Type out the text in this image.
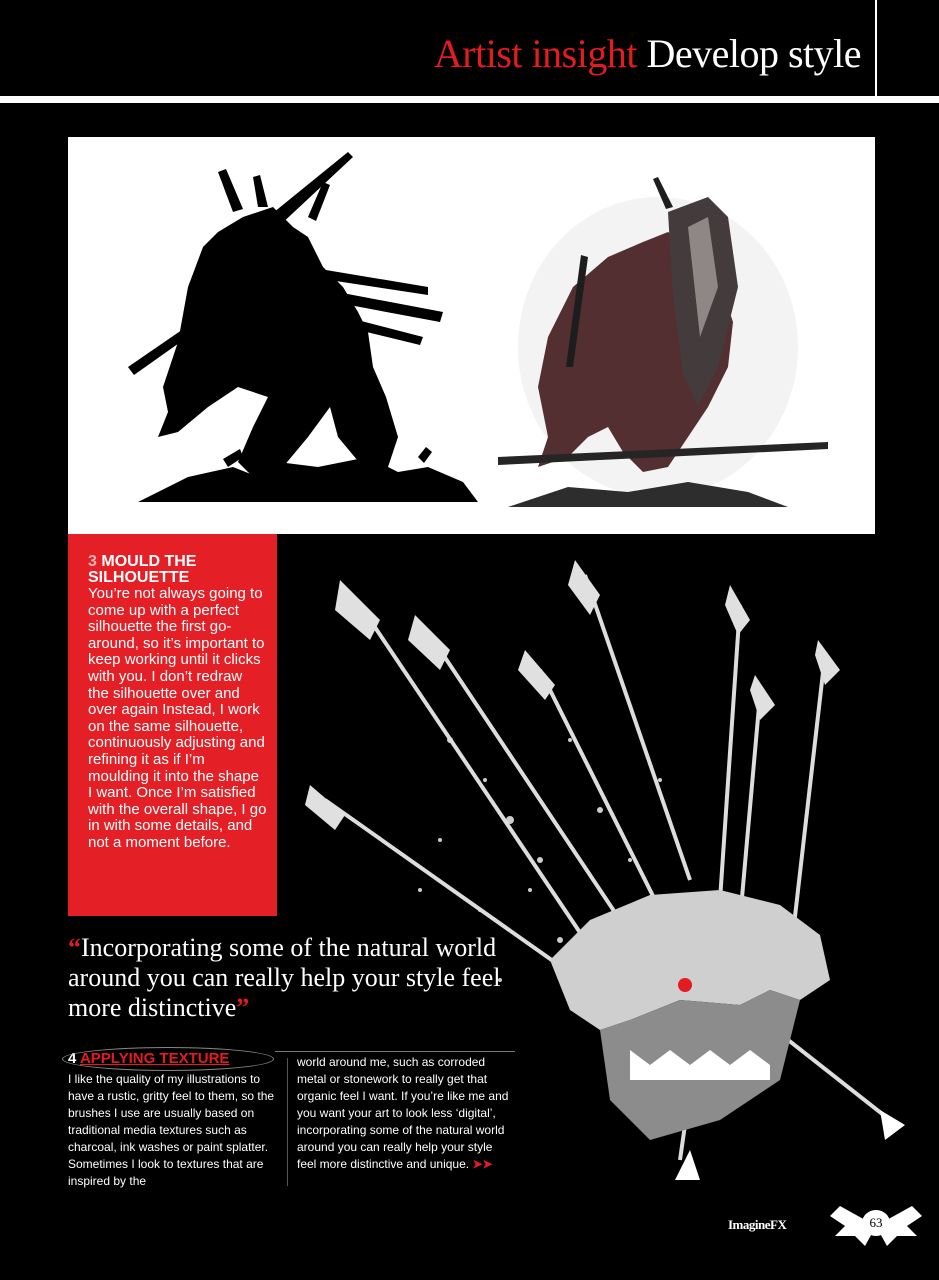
Artist insight Develop style
3 MOULD THE SILHOUETTE
You’re not always going to come up with a perfect silhouette the first go-around, so it’s important to keep working until it clicks with you. I don’t redraw the silhouette over and over again Instead, I work on the same silhouette, continuously adjusting and refining it as if I’m moulding it into the shape I want. Once I’m satisfied with the overall shape, I go in with some details, and not a moment before.
“Incorporating some of the natural world around you can really help your style feel more distinctive”
4 APPLYING TEXTURE
I like the quality of my illustrations to have a rustic, gritty feel to them, so the brushes I use are usually based on traditional media textures such as charcoal, ink washes or paint splatter. Sometimes I look to textures that are inspired by the
world around me, such as corroded metal or stonework to really get that organic feel I want. If you’re like me and you want your art to look less ‘digital’, incorporating some of the natural world around you can really help your style feel more distinctive and unique. ➤➤
ImagineFX	63
